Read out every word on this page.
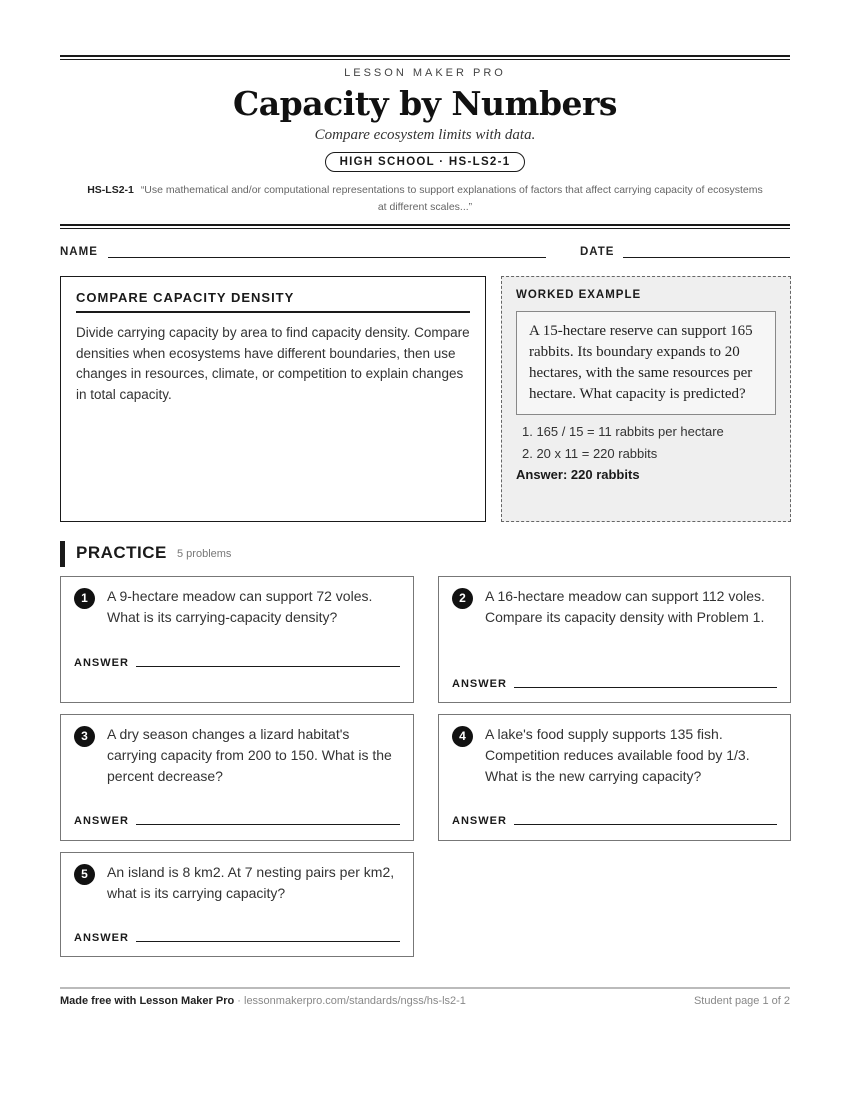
LESSON MAKER PRO
Capacity by Numbers
Compare ecosystem limits with data.
HIGH SCHOOL · HS-LS2-1
HS-LS2-1 “Use mathematical and/or computational representations to support explanations of factors that affect carrying capacity of ecosystems at different scales...”
NAME	DATE
COMPARE CAPACITY DENSITY

Divide carrying capacity by area to find capacity density. Compare densities when ecosystems have different boundaries, then use changes in resources, climate, or competition to explain changes in total capacity.

WORKED EXAMPLE
A 15-hectare reserve can support 165 rabbits. Its boundary expands to 20 hectares, with the same resources per hectare. What capacity is predicted?
1. 165 / 15 = 11 rabbits per hectare
2. 20 x 11 = 220 rabbits
Answer: 220 rabbits
PRACTICE 5 problems
1	A 9-hectare meadow can support 72 voles. What is its carrying-capacity density?
ANSWER
2	A 16-hectare meadow can support 112 voles. Compare its capacity density with Problem 1.
ANSWER
3	A dry season changes a lizard habitat's carrying capacity from 200 to 150. What is the percent decrease?
ANSWER
4	A lake's food supply supports 135 fish. Competition reduces available food by 1/3. What is the new carrying capacity?
ANSWER
5	An island is 8 km2. At 7 nesting pairs per km2, what is its carrying capacity?
ANSWER
Made free with Lesson Maker Pro · lessonmakerpro.com/standards/ngss/hs-ls2-1	Student page 1 of 2
